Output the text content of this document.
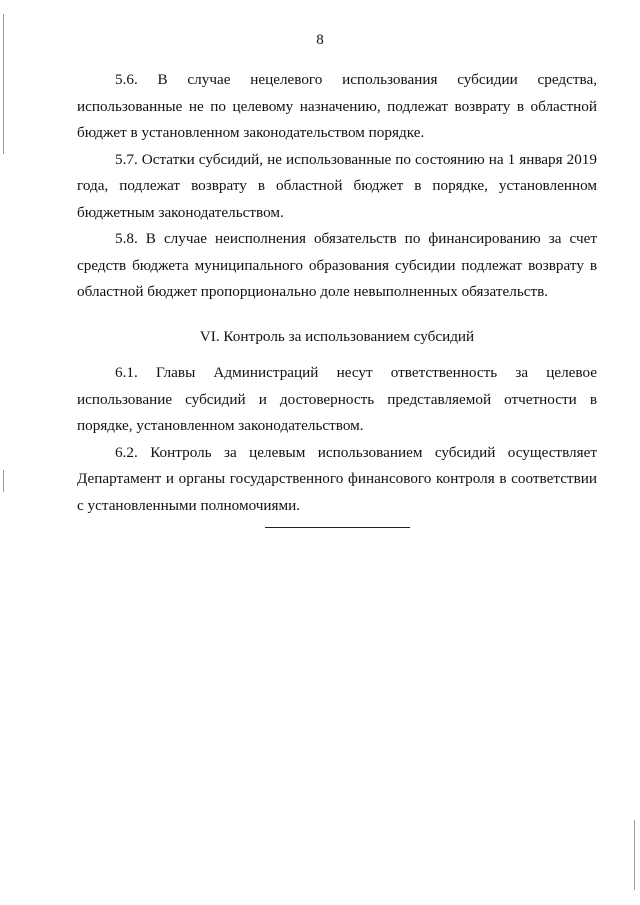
8

5.6. В случае нецелевого использования субсидии средства, использованные не по целевому назначению, подлежат возврату в областной бюджет в установленном законодательством порядке.

5.7. Остатки субсидий, не использованные по состоянию на 1 января 2019 года, подлежат возврату в областной бюджет в порядке, установленном бюджетным законодательством.

5.8. В случае неисполнения обязательств по финансированию за счет средств бюджета муниципального образования субсидии подлежат возврату в областной бюджет пропорционально доле невыполненных обязательств.

VI. Контроль за использованием субсидий

6.1. Главы Администраций несут ответственность за целевое использование субсидий и достоверность представляемой отчетности в порядке, установленном законодательством.

6.2. Контроль за целевым использованием субсидий осуществляет Департамент и органы государственного финансового контроля в соответствии с установленными полномочиями.
